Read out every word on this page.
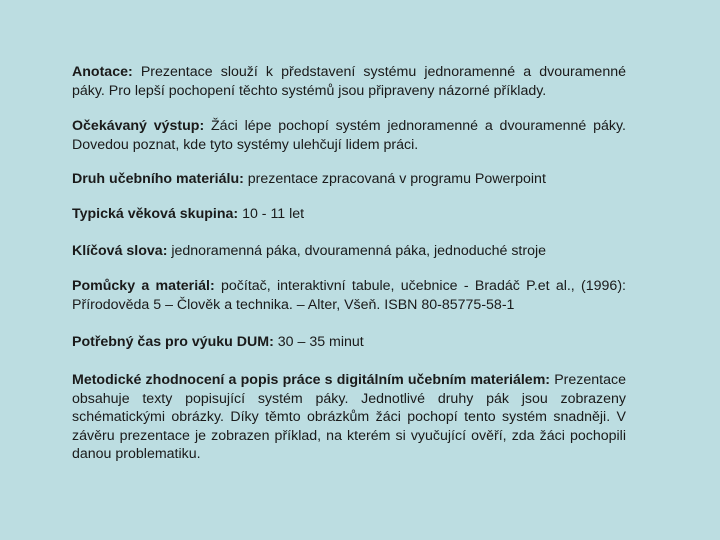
Anotace: Prezentace slouží k představení systému jednoramenné a dvouramenné páky. Pro lepší pochopení těchto systémů jsou připraveny názorné příklady.

Očekávaný výstup: Žáci lépe pochopí systém jednoramenné a dvouramenné páky. Dovedou poznat, kde tyto systémy ulehčují lidem práci.

Druh učebního materiálu: prezentace zpracovaná v programu Powerpoint

Typická věková skupina: 10 - 11 let

Klíčová slova: jednoramenná páka, dvouramenná páka, jednoduché stroje

Pomůcky a materiál: počítač, interaktivní tabule, učebnice - Bradáč P.et al., (1996): Přírodověda 5 – Člověk a technika. – Alter, Všeň. ISBN 80-85775-58-1

Potřebný čas pro výuku DUM: 30 – 35 minut

Metodické zhodnocení a popis práce s digitálním učebním materiálem: Prezentace obsahuje texty popisující systém páky. Jednotlivé druhy pák jsou zobrazeny schématickými obrázky. Díky těmto obrázkům žáci pochopí tento systém snadněji. V závěru prezentace je zobrazen příklad, na kterém si vyučující ověří, zda žáci pochopili danou problematiku.
